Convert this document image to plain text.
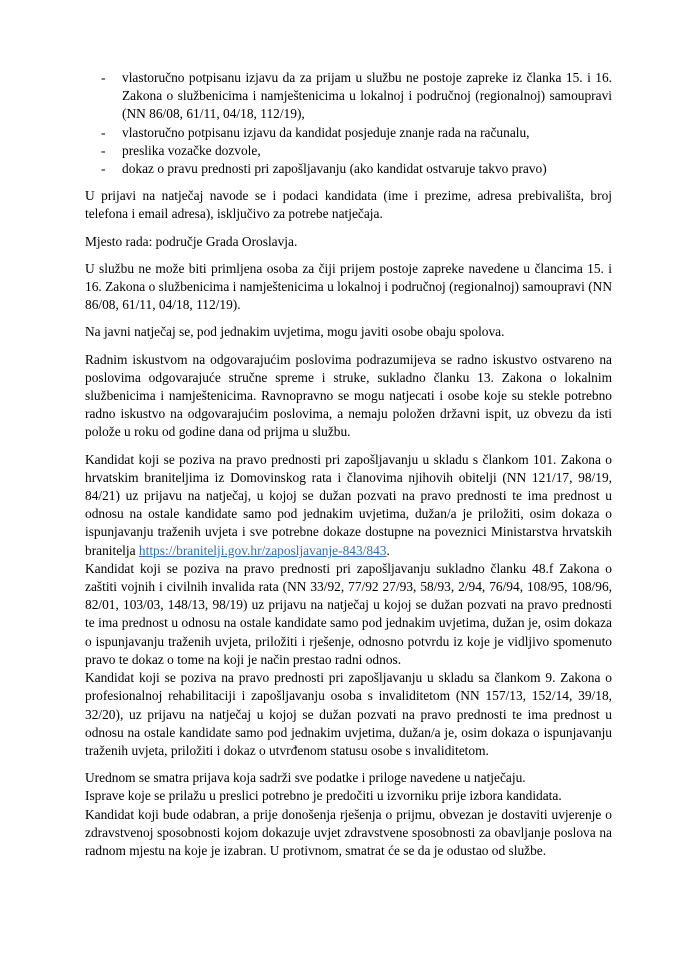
- vlastoručno potpisanu izjavu da za prijam u službu ne postoje zapreke iz članka 15. i 16. Zakona o službenicima i namještenicima u lokalnoj i područnoj (regionalnoj) samoupravi (NN 86/08, 61/11, 04/18, 112/19),
- vlastoručno potpisanu izjavu da kandidat posjeduje znanje rada na računalu,
- preslika vozačke dozvole,
- dokaz o pravu prednosti pri zapošljavanju (ako kandidat ostvaruje takvo pravo)

U prijavi na natječaj navode se i podaci kandidata (ime i prezime, adresa prebivališta, broj telefona i email adresa), isključivo za potrebe natječaja.

Mjesto rada: područje Grada Oroslavja.

U službu ne može biti primljena osoba za čiji prijem postoje zapreke navedene u člancima 15. i 16. Zakona o službenicima i namještenicima u lokalnoj i područnoj (regionalnoj) samoupravi (NN 86/08, 61/11, 04/18, 112/19).

Na javni natječaj se, pod jednakim uvjetima, mogu javiti osobe obaju spolova.

Radnim iskustvom na odgovarajućim poslovima podrazumijeva se radno iskustvo ostvareno na poslovima odgovarajuće stručne spreme i struke, sukladno članku 13. Zakona o lokalnim službenicima i namještenicima. Ravnopravno se mogu natjecati i osobe koje su stekle potrebno radno iskustvo na odgovarajućim poslovima, a nemaju položen državni ispit, uz obvezu da isti polože u roku od godine dana od prijma u službu.

Kandidat koji se poziva na pravo prednosti pri zapošljavanju u skladu s člankom 101. Zakona o hrvatskim braniteljima iz Domovinskog rata i članovima njihovih obitelji (NN 121/17, 98/19, 84/21) uz prijavu na natječaj, u kojoj se dužan pozvati na pravo prednosti te ima prednost u odnosu na ostale kandidate samo pod jednakim uvjetima, dužan/a je priložiti, osim dokaza o ispunjavanju traženih uvjeta i sve potrebne dokaze dostupne na poveznici Ministarstva hrvatskih branitelja https://branitelji.gov.hr/zaposljavanje-843/843.

Kandidat koji se poziva na pravo prednosti pri zapošljavanju sukladno članku 48.f Zakona o zaštiti vojnih i civilnih invalida rata (NN 33/92, 77/92 27/93, 58/93, 2/94, 76/94, 108/95, 108/96, 82/01, 103/03, 148/13, 98/19) uz prijavu na natječaj u kojoj se dužan pozvati na pravo prednosti te ima prednost u odnosu na ostale kandidate samo pod jednakim uvjetima, dužan je, osim dokaza o ispunjavanju traženih uvjeta, priložiti i rješenje, odnosno potvrdu iz koje je vidljivo spomenuto pravo te dokaz o tome na koji je način prestao radni odnos.

Kandidat koji se poziva na pravo prednosti pri zapošljavanju u skladu sa člankom 9. Zakona o profesionalnoj rehabilitaciji i zapošljavanju osoba s invaliditetom (NN 157/13, 152/14, 39/18, 32/20), uz prijavu na natječaj u kojoj se dužan pozvati na pravo prednosti te ima prednost u odnosu na ostale kandidate samo pod jednakim uvjetima, dužan/a je, osim dokaza o ispunjavanju traženih uvjeta, priložiti i dokaz o utvrđenom statusu osobe s invaliditetom.

Urednom se smatra prijava koja sadrži sve podatke i priloge navedene u natječaju.

Isprave koje se prilažu u preslici potrebno je predočiti u izvorniku prije izbora kandidata.

Kandidat koji bude odabran, a prije donošenja rješenja o prijmu, obvezan je dostaviti uvjerenje o zdravstvenoj sposobnosti kojom dokazuje uvjet zdravstvene sposobnosti za obavljanje poslova na radnom mjestu na koje je izabran. U protivnom, smatrat će se da je odustao od službe.
